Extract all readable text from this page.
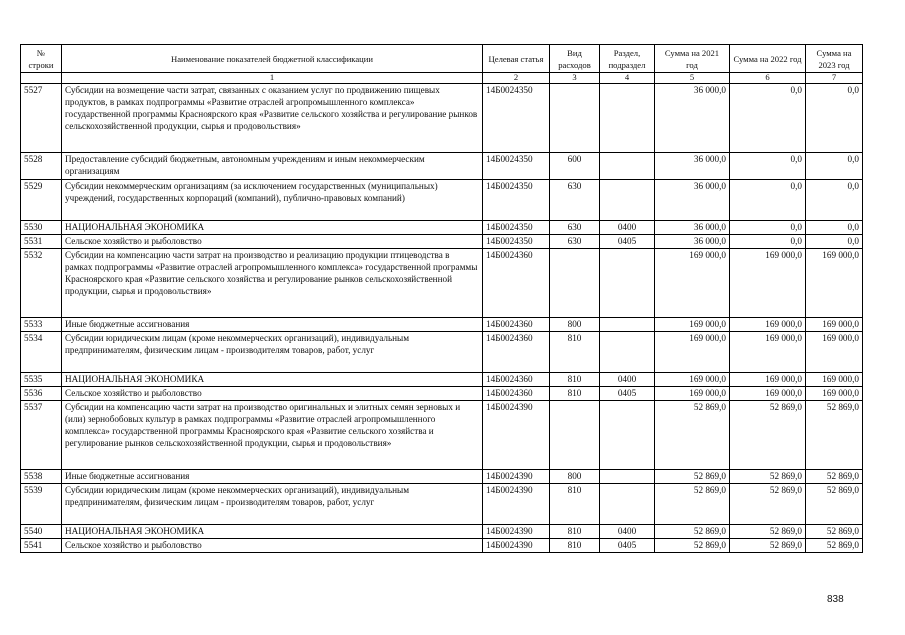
№ строки	Наименование показателей бюджетной классификации	Целевая статья	Вид расходов	Раздел, подраздел	Сумма на 2021 год	Сумма на 2022 год	Сумма на 2023 год
	1	2	3	4	5	6	7
5527	Субсидии на возмещение части затрат, связанных с оказанием услуг по продвижению пищевых продуктов, в рамках подпрограммы «Развитие отраслей агропромышленного комплекса» государственной программы Красноярского края «Развитие сельского хозяйства и регулирование рынков сельскохозяйственной продукции, сырья и продовольствия»	14Б0024350			36 000,0	0,0	0,0
5528	Предоставление субсидий бюджетным, автономным учреждениям и иным некоммерческим организациям	14Б0024350	600		36 000,0	0,0	0,0
5529	Субсидии некоммерческим организациям (за исключением государственных (муниципальных) учреждений, государственных корпораций (компаний), публично-правовых компаний)	14Б0024350	630		36 000,0	0,0	0,0
5530	НАЦИОНАЛЬНАЯ ЭКОНОМИКА	14Б0024350	630	0400	36 000,0	0,0	0,0
5531	Сельское хозяйство и рыболовство	14Б0024350	630	0405	36 000,0	0,0	0,0
5532	Субсидии на компенсацию части затрат на производство и реализацию продукции птицеводства в рамках подпрограммы «Развитие отраслей агропромышленного комплекса» государственной программы Красноярского края «Развитие сельского хозяйства и регулирование рынков сельскохозяйственной продукции, сырья и продовольствия»	14Б0024360			169 000,0	169 000,0	169 000,0
5533	Иные бюджетные ассигнования	14Б0024360	800		169 000,0	169 000,0	169 000,0
5534	Субсидии юридическим лицам (кроме некоммерческих организаций), индивидуальным предпринимателям, физическим лицам - производителям товаров, работ, услуг	14Б0024360	810		169 000,0	169 000,0	169 000,0
5535	НАЦИОНАЛЬНАЯ ЭКОНОМИКА	14Б0024360	810	0400	169 000,0	169 000,0	169 000,0
5536	Сельское хозяйство и рыболовство	14Б0024360	810	0405	169 000,0	169 000,0	169 000,0
5537	Субсидии на компенсацию части затрат на производство оригинальных и элитных семян зерновых и (или) зернобобовых культур в рамках подпрограммы «Развитие отраслей агропромышленного комплекса» государственной программы Красноярского края «Развитие сельского хозяйства и регулирование рынков сельскохозяйственной продукции, сырья и продовольствия»	14Б0024390			52 869,0	52 869,0	52 869,0
5538	Иные бюджетные ассигнования	14Б0024390	800		52 869,0	52 869,0	52 869,0
5539	Субсидии юридическим лицам (кроме некоммерческих организаций), индивидуальным предпринимателям, физическим лицам - производителям товаров, работ, услуг	14Б0024390	810		52 869,0	52 869,0	52 869,0
5540	НАЦИОНАЛЬНАЯ ЭКОНОМИКА	14Б0024390	810	0400	52 869,0	52 869,0	52 869,0
5541	Сельское хозяйство и рыболовство	14Б0024390	810	0405	52 869,0	52 869,0	52 869,0
838
